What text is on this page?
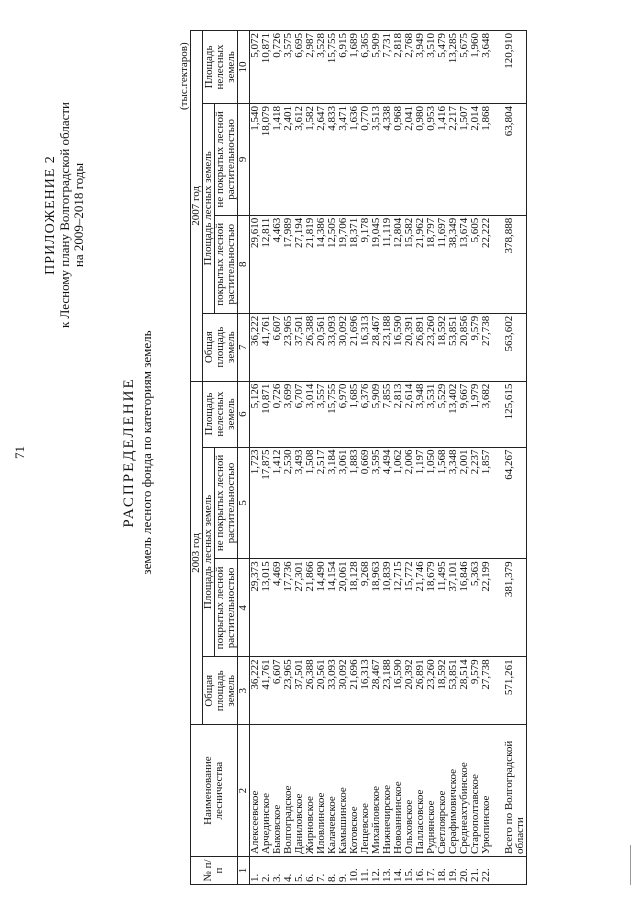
71
ПРИЛОЖЕНИЕ 2 к Лесному плану Волгоградской области на 2009–2018 годы
РАСПРЕДЕЛЕНИЕ земель лесного фонда по категориям земель
(тыс.гектаров)
№ п/п	Наименование лесничества	2003 год				2007 год			
		Общая площадь земель	Площадь лесных земель		Площадь нелесных земель	Общая площадь земель	Площадь лесных земель		Площадь нелесных земель
			покрытых лесной растительностью	не покрытых лесной растительностью			покрытых лесной растительностью	не покрытых лесной растительностью	
1	2	3	4	5	6	7	8	9	10
1.	Алексеевское	36,222	29,373	1,723	5,126	36,222	29,610	1,540	5,072
2.	Арчединское	41,761	13,015	17,875	10,871	41,761	12,811	18,079	10,871
3.	Быковское	6,607	4,469	1,412	0,726	6,607	4,463	1,418	0,726
4.	Волгоградское	23,965	17,736	2,530	3,699	23,965	17,989	2,401	3,575
5.	Даниловское	37,501	27,301	3,493	6,707	37,501	27,194	3,612	6,695
6.	Жирновское	26,388	21,866	1,508	3,014	26,388	21,819	1,582	2,987
7.	Иловлинское	20,561	14,490	2,517	3,557	20,561	14,386	2,647	3,528
8.	Калачевское	33,093	14,154	3,184	15,755	33,093	12,505	4,833	15,755
9.	Камышинское	30,092	20,061	3,061	6,970	30,092	19,706	3,471	6,915
10.	Котовское	21,696	18,128	1,883	1,685	21,696	18,371	1,636	1,689
11.	Лещевское	16,313	9,268	0,669	6,376	16,313	9,178	0,770	6,365
12.	Михайловское	28,467	18,963	3,595	5,909	28,467	19,045	3,513	5,909
13.	Нижнечирское	23,188	10,839	4,494	7,855	23,188	11,119	4,338	7,731
14.	Новоаннинское	16,590	12,715	1,062	2,813	16,590	12,804	0,968	2,818
15.	Ольховское	20,392	15,772	2,006	2,614	20,391	15,582	2,041	2,768
16.	Палласовское	26,891	21,746	1,197	3,948	26,891	21,962	0,980	3,949
17.	Руднянское	23,260	18,679	1,050	3,531	23,260	18,797	0,953	3,510
18.	Светлоярское	18,592	11,495	1,568	5,529	18,592	11,697	1,416	5,479
19.	Серафимовичское	53,851	37,101	3,348	13,402	53,851	38,349	2,217	13,285
20.	Среднеахтубинское	28,514	16,846	2,001	9,667	20,856	13,674	1,507	5,675
21.	Старополтавское	9,579	5,363	2,237	1,979	9,579	5,605	2,014	1,960
22.	Урюпинское	27,738	22,199	1,857	3,682	27,738	22,222	1,868	3,648
	Всего по Волгоградской области	571,261	381,379	64,267	125,615	563,602	378,888	63,804	120,910
